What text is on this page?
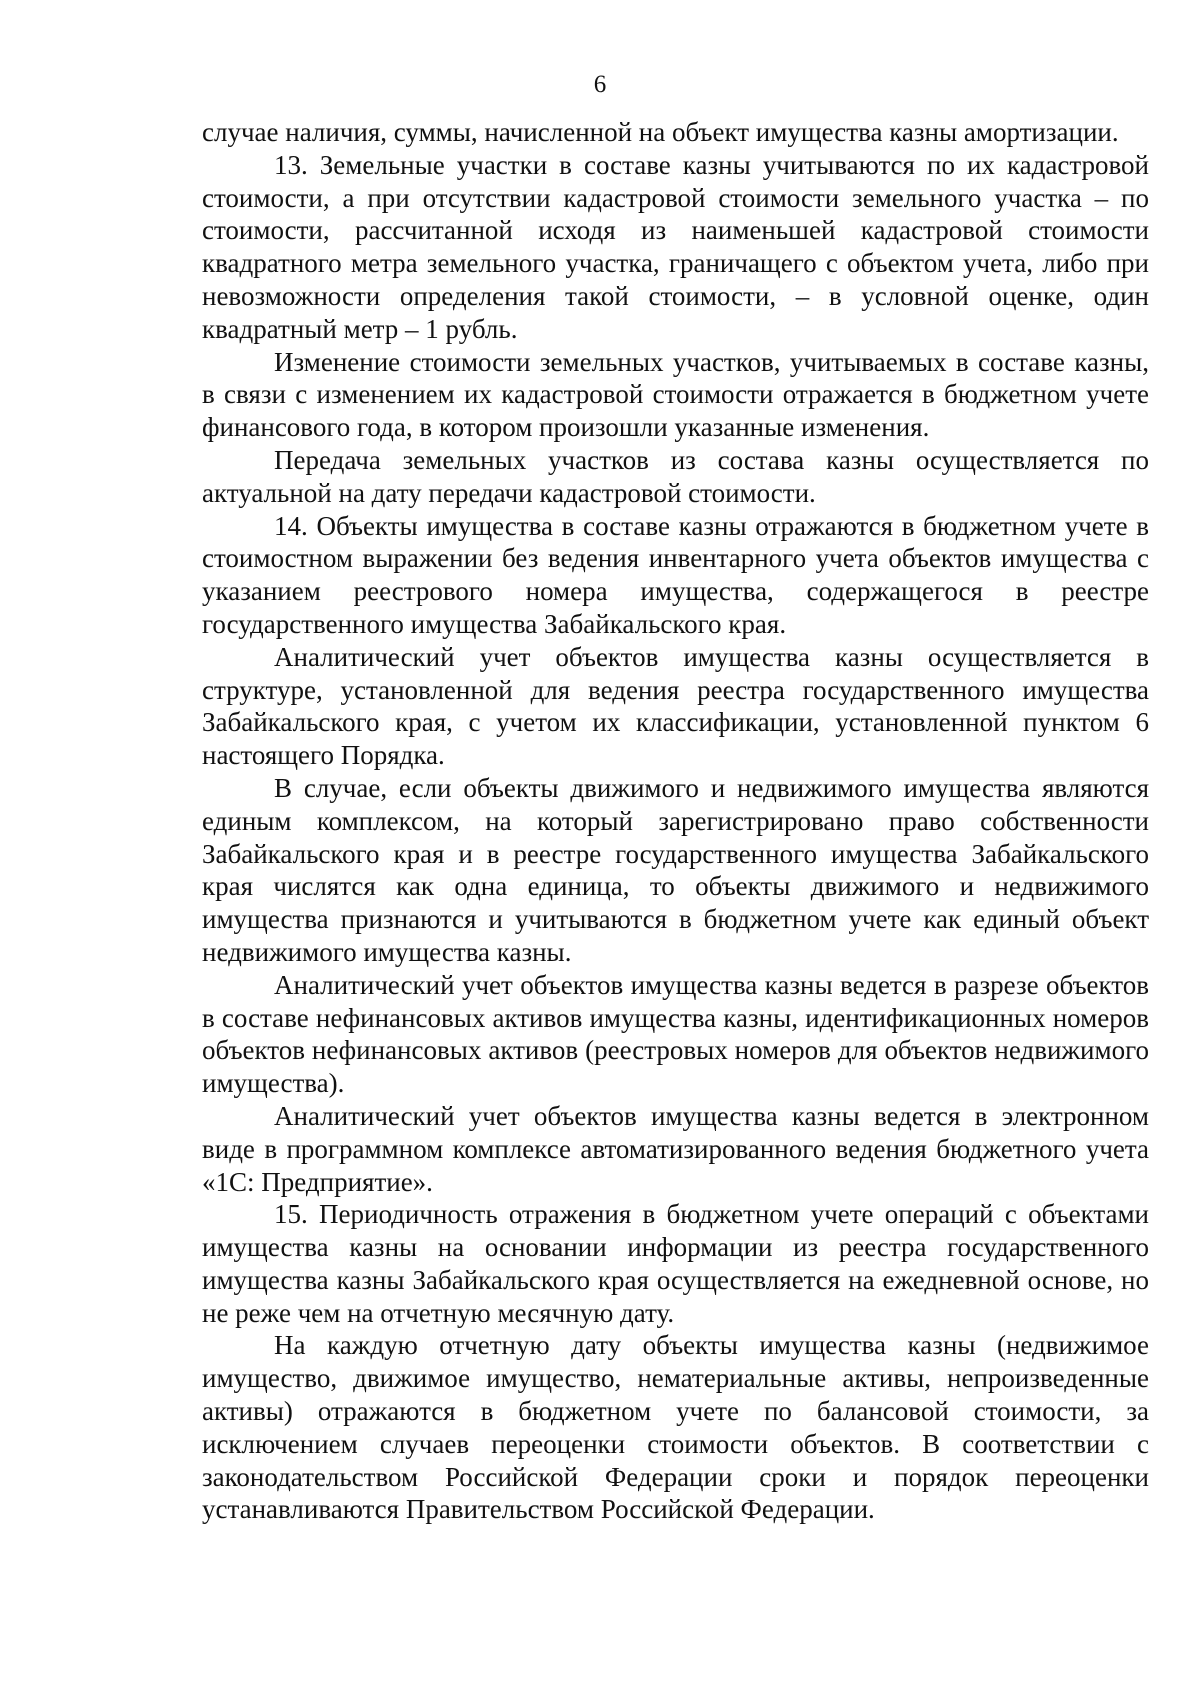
6

случае наличия, суммы, начисленной на объект имущества казны амортизации.

13. Земельные участки в составе казны учитываются по их кадастровой стоимости, а при отсутствии кадастровой стоимости земельного участка – по стоимости, рассчитанной исходя из наименьшей кадастровой стоимости квадратного метра земельного участка, граничащего с объектом учета, либо при невозможности определения такой стоимости, – в условной оценке, один квадратный метр – 1 рубль.

Изменение стоимости земельных участков, учитываемых в составе казны, в связи с изменением их кадастровой стоимости отражается в бюджетном учете финансового года, в котором произошли указанные изменения.

Передача земельных участков из состава казны осуществляется по актуальной на дату передачи кадастровой стоимости.

14. Объекты имущества в составе казны отражаются в бюджетном учете в стоимостном выражении без ведения инвентарного учета объектов имущества с указанием реестрового номера имущества, содержащегося в реестре государственного имущества Забайкальского края.

Аналитический учет объектов имущества казны осуществляется в структуре, установленной для ведения реестра государственного имущества Забайкальского края, с учетом их классификации, установленной пунктом 6 настоящего Порядка.

В случае, если объекты движимого и недвижимого имущества являются единым комплексом, на который зарегистрировано право собственности Забайкальского края и в реестре государственного имущества Забайкальского края числятся как одна единица, то объекты движимого и недвижимого имущества признаются и учитываются в бюджетном учете как единый объект недвижимого имущества казны.

Аналитический учет объектов имущества казны ведется в разрезе объектов в составе нефинансовых активов имущества казны, идентификационных номеров объектов нефинансовых активов (реестровых номеров для объектов недвижимого имущества).

Аналитический учет объектов имущества казны ведется в электронном виде в программном комплексе автоматизированного ведения бюджетного учета «1С: Предприятие».

15. Периодичность отражения в бюджетном учете операций с объектами имущества казны на основании информации из реестра государственного имущества казны Забайкальского края осуществляется на ежедневной основе, но не реже чем на отчетную месячную дату.

На каждую отчетную дату объекты имущества казны (недвижимое имущество, движимое имущество, нематериальные активы, непроизведенные активы) отражаются в бюджетном учете по балансовой стоимости, за исключением случаев переоценки стоимости объектов. В соответствии с законодательством Российской Федерации сроки и порядок переоценки устанавливаются Правительством Российской Федерации.
